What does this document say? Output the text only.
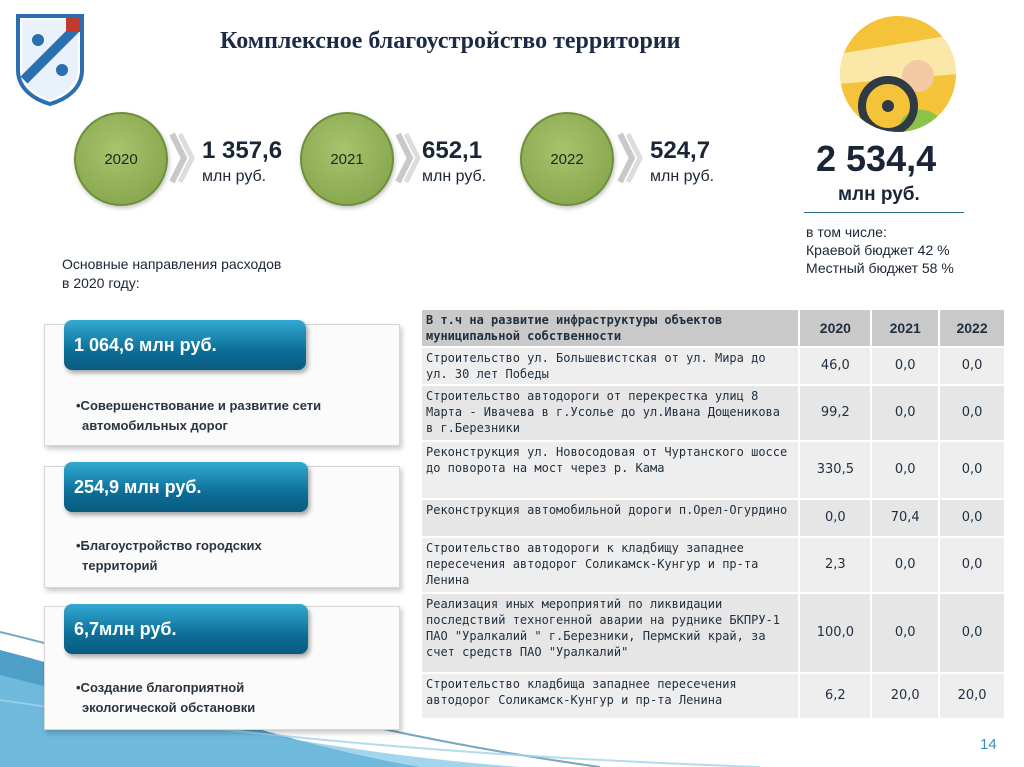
Комплексное благоустройство территории
2020	1 357,6
млн руб.
2021	652,1
млн руб.
2022	524,7
млн руб.	2 534,4
млн руб.
в том числе:
Краевой бюджет 42 %
Местный бюджет 58 %
Основные направления расходов
в 2020 году:
1 064,6 млн руб.
•Совершенствование и развитие сети
автомобильных дорог
254,9 млн руб.
•Благоустройство городских
территорий
6,7млн руб.
•Создание благоприятной
экологической обстановки
В т.ч на развитие инфраструктуры объектов муниципальной собственности	2020	2021	2022
Строительство ул. Большевистская от ул. Мира до ул. 30 лет Победы	46,0	0,0	0,0
Строительство автодороги от перекрестка улиц 8 Марта - Ивачева в г.Усолье до ул.Ивана Дощеникова в г.Березники	99,2	0,0	0,0
Реконструкция ул. Новосодовая от Чуртанского шоссе до поворота на мост через р. Кама	330,5	0,0	0,0
Реконструкция автомобильной дороги п.Орел-Огурдино	0,0	70,4	0,0
Строительство автодороги к кладбищу западнее пересечения автодорог Соликамск-Кунгур и пр-та Ленина	2,3	0,0	0,0
Реализация иных мероприятий по ликвидации последствий техногенной аварии на руднике БКПРУ-1 ПАО "Уралкалий " г.Березники, Пермский край, за счет средств ПАО "Уралкалий"	100,0	0,0	0,0
Строительство кладбища западнее пересечения автодорог Соликамск-Кунгур и пр-та Ленина	6,2	20,0	20,0
14
